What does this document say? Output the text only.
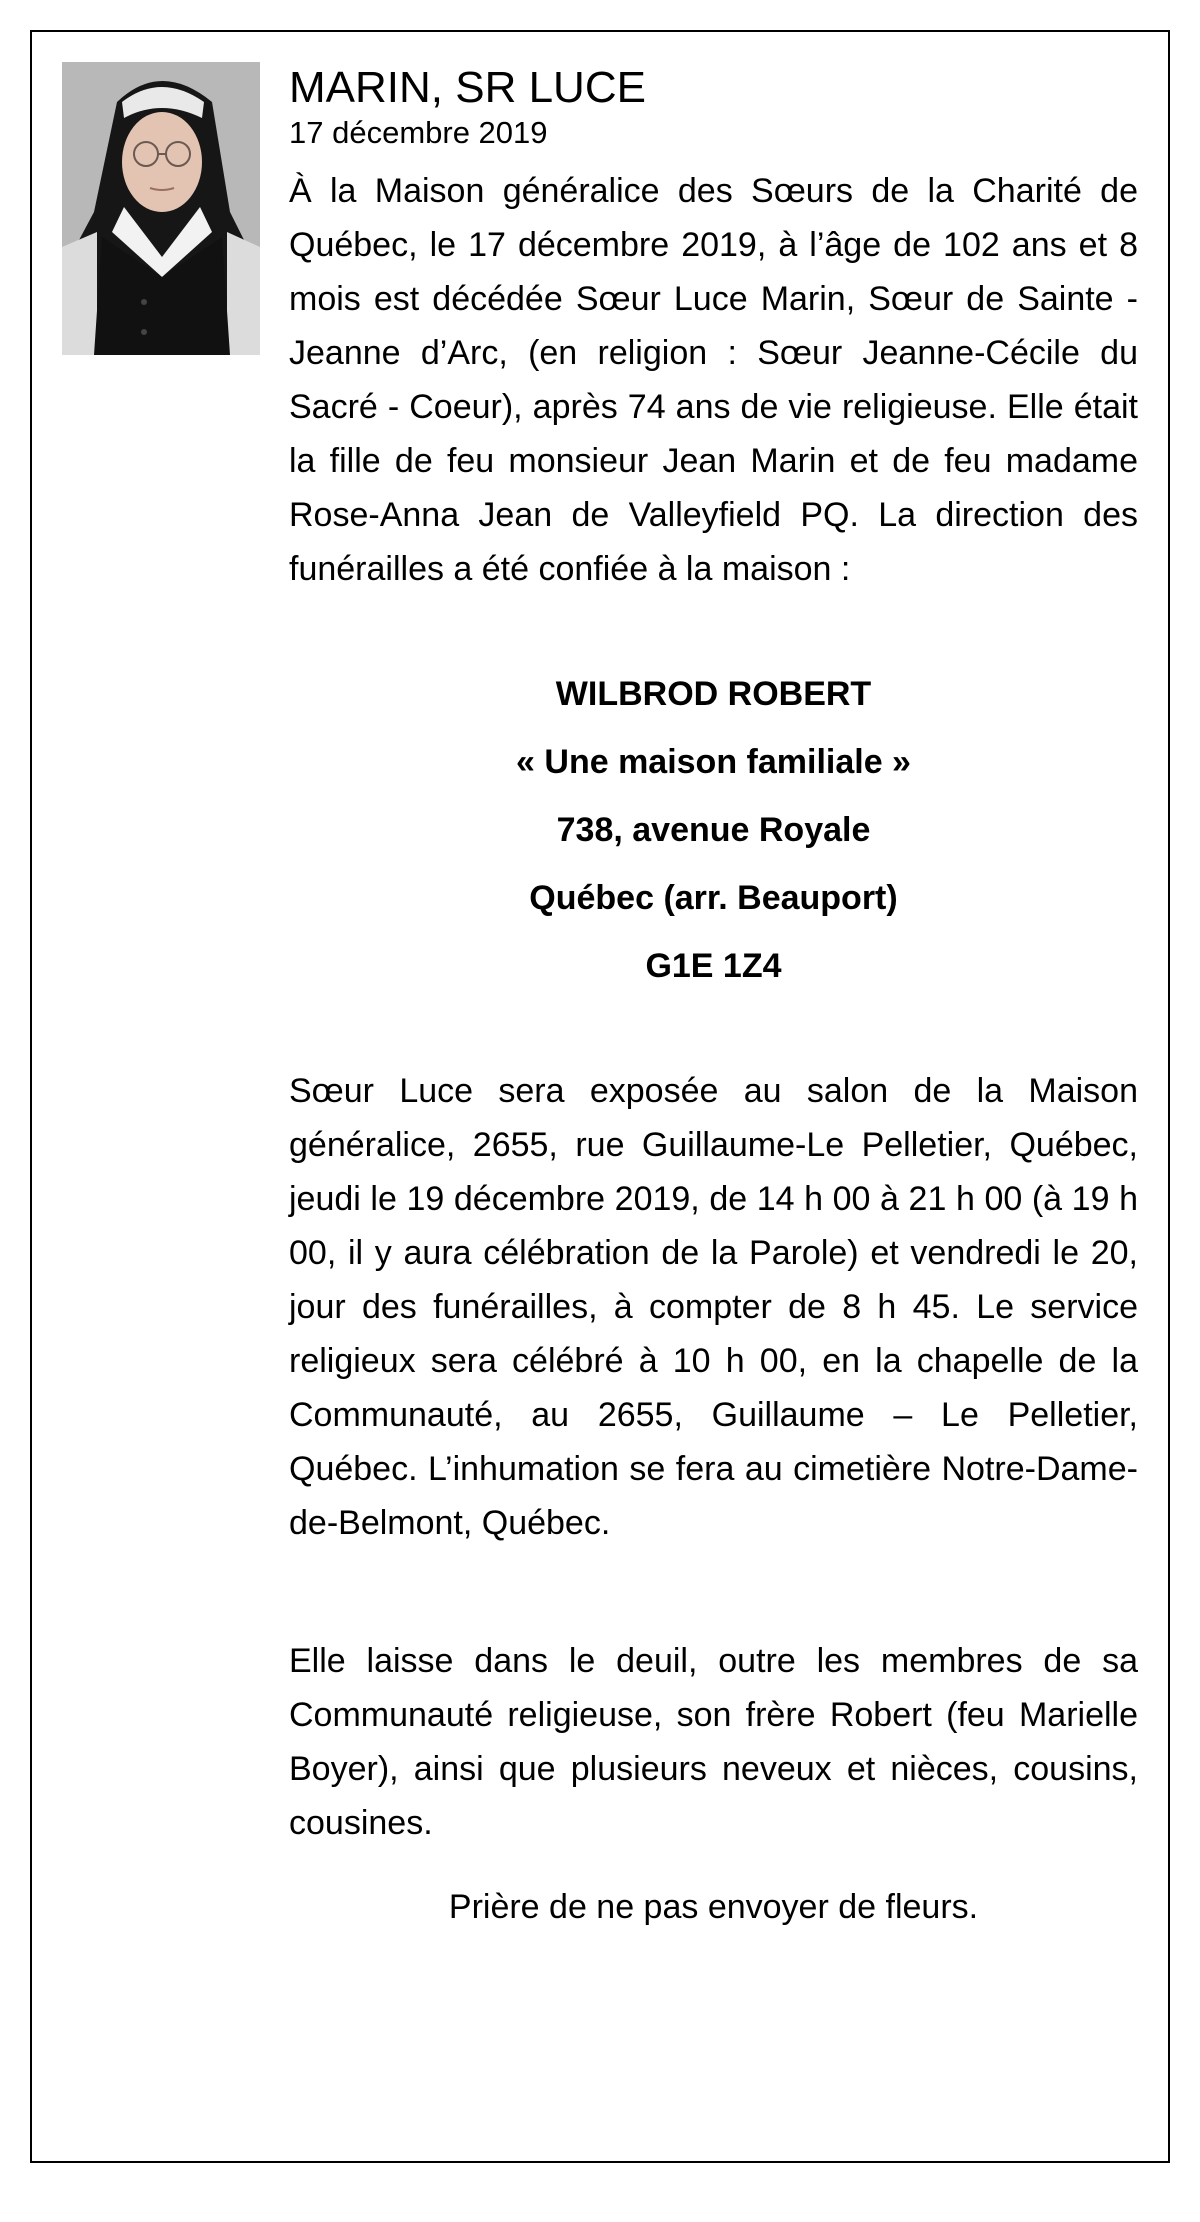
MARIN, SR LUCE

17 décembre 2019

À la Maison généralice des Sœurs de la Charité de Québec, le 17 décembre 2019, à l’âge de 102 ans et 8 mois est décédée Sœur Luce Marin, Sœur de Sainte - Jeanne d’Arc, (en religion : Sœur Jeanne-Cécile du Sacré - Coeur), après 74 ans de vie religieuse. Elle était la fille de feu monsieur Jean Marin et de feu madame Rose-Anna Jean de Valleyfield PQ. La direction des funérailles a été confiée à la maison :

WILBROD ROBERT
« Une maison familiale »
738, avenue Royale
Québec (arr. Beauport)
G1E 1Z4

Sœur Luce sera exposée au salon de la Maison généralice, 2655, rue Guillaume-Le Pelletier, Québec, jeudi le 19 décembre 2019, de 14 h 00 à 21 h 00 (à 19 h 00, il y aura célébration de la Parole) et vendredi le 20, jour des funérailles, à compter de 8 h 45. Le service religieux sera célébré à 10 h 00, en la chapelle de la Communauté, au 2655, Guillaume – Le Pelletier, Québec. L’inhumation se fera au cimetière Notre-Dame-de-Belmont, Québec.

Elle laisse dans le deuil, outre les membres de sa Communauté religieuse, son frère Robert (feu Marielle Boyer), ainsi que plusieurs neveux et nièces, cousins, cousines.

Prière de ne pas envoyer de fleurs.
